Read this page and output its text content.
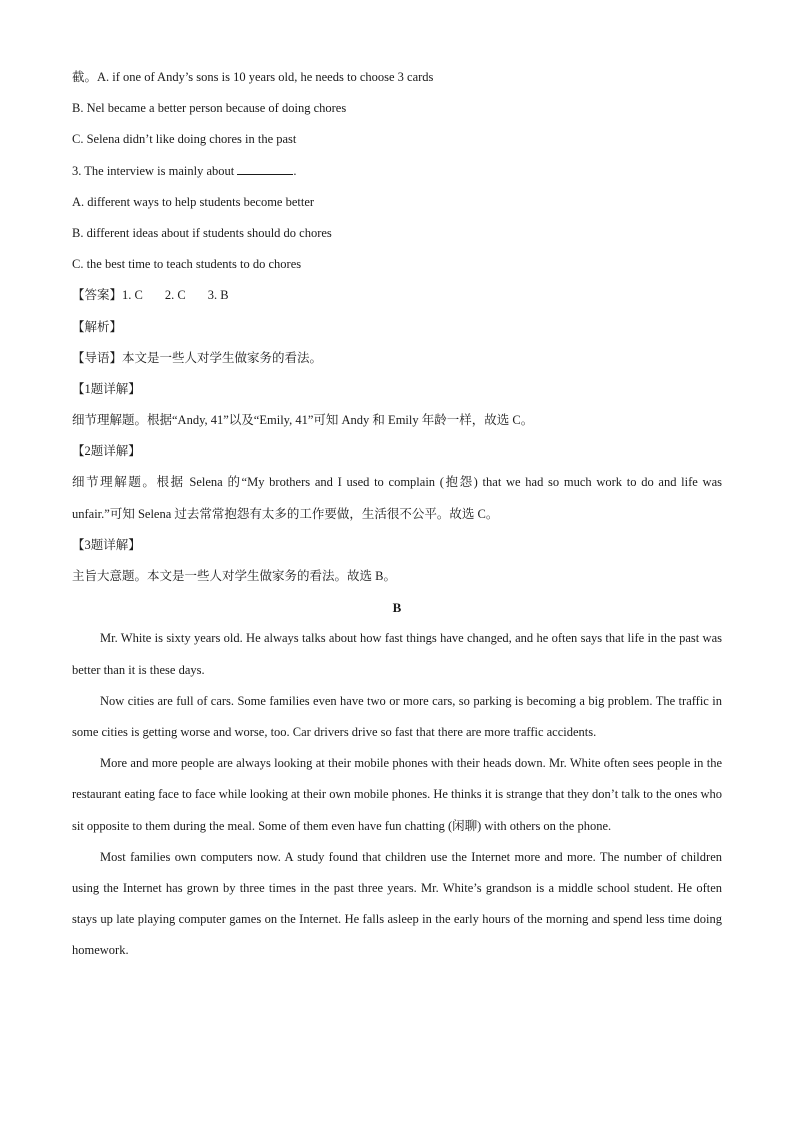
截。A. if one of Andy’s sons is 10 years old, he needs to choose 3 cards
B. Nel became a better person because of doing chores
C. Selena didn’t like doing chores in the past
3. The interview is mainly about	.
A. different ways to help students become better
B. different ideas about if students should do chores
C. the best time to teach students to do chores
【答案】1. C 2. C 3. B
【解析】
【导语】本文是一些人对学生做家务的看法。
【1题详解】
细节理解题。根据“Andy, 41”以及“Emily, 41”可知 Andy 和 Emily 年龄一样，故选 C。
【2题详解】
细节理解题。根据 Selena 的“My brothers and I used to complain (抱怨) that we had so much work to do and life was unfair.”可知 Selena 过去常常抱怨有太多的工作要做，生活很不公平。故选 C。
【3题详解】
主旨大意题。本文是一些人对学生做家务的看法。故选 B。
B
Mr. White is sixty years old. He always talks about how fast things have changed, and he often says that life in the past was better than it is these days.
Now cities are full of cars. Some families even have two or more cars, so parking is becoming a big problem. The traffic in some cities is getting worse and worse, too. Car drivers drive so fast that there are more traffic accidents.
More and more people are always looking at their mobile phones with their heads down. Mr. White often sees people in the restaurant eating face to face while looking at their own mobile phones. He thinks it is strange that they don’t talk to the ones who sit opposite to them during the meal. Some of them even have fun chatting (闲聊) with others on the phone.
Most families own computers now. A study found that children use the Internet more and more. The number of children using the Internet has grown by three times in the past three years. Mr. White’s grandson is a middle school student. He often stays up late playing computer games on the Internet. He falls asleep in the early hours of the morning and spend less time doing homework.
